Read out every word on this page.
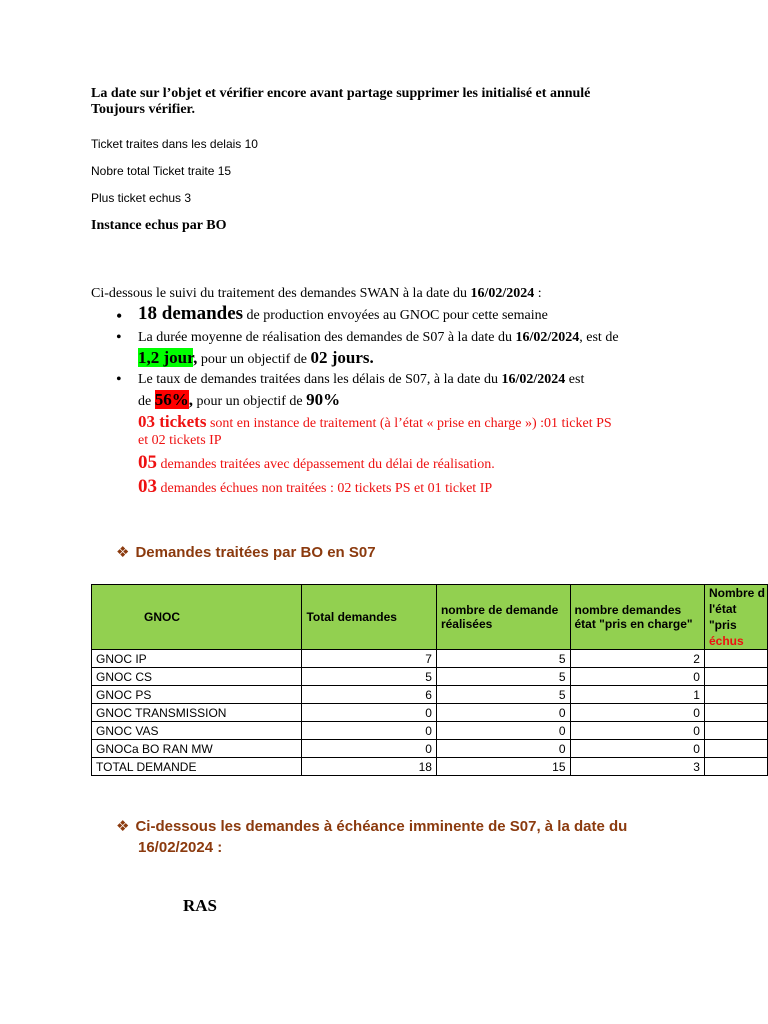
La date sur l’objet et vérifier encore avant partage supprimer les initialisé et annulé
Toujours vérifier.
Ticket traites dans les delais 10
Nobre total Ticket traite 15
Plus ticket echus 3
Instance echus par BO
Ci-dessous le suivi du traitement des demandes SWAN à la date du 16/02/2024 :
• 18 demandes de production envoyées au GNOC pour cette semaine
• La durée moyenne de réalisation des demandes de S07 à la date du 16/02/2024, est de
1,2 jour, pour un objectif de 02 jours.
• Le taux de demandes traitées dans les délais de S07, à la date du 16/02/2024 est
de 56%, pour un objectif de 90%
03 tickets sont en instance de traitement (à l’état « prise en charge ») :01 ticket PS
et 02 tickets IP
05 demandes traitées avec dépassement du délai de réalisation.
03 demandes échues non traitées : 02 tickets PS et 01 ticket IP
❖ Demandes traitées par BO en S07
GNOC	Total demandes	nombre de demande réalisées	nombre demandes état "pris en charge"	Nombre d
l'état "pris
échus

GNOC IP	7	5	2	
GNOC CS	5	5	0	
GNOC PS	6	5	1	
GNOC TRANSMISSION	0	0	0	
GNOC VAS	0	0	0	
GNOCa BO RAN MW	0	0	0	
TOTAL DEMANDE	18	15	3	
❖ Ci-dessous les demandes à échéance imminente de S07, à la date du
16/02/2024 :
RAS
